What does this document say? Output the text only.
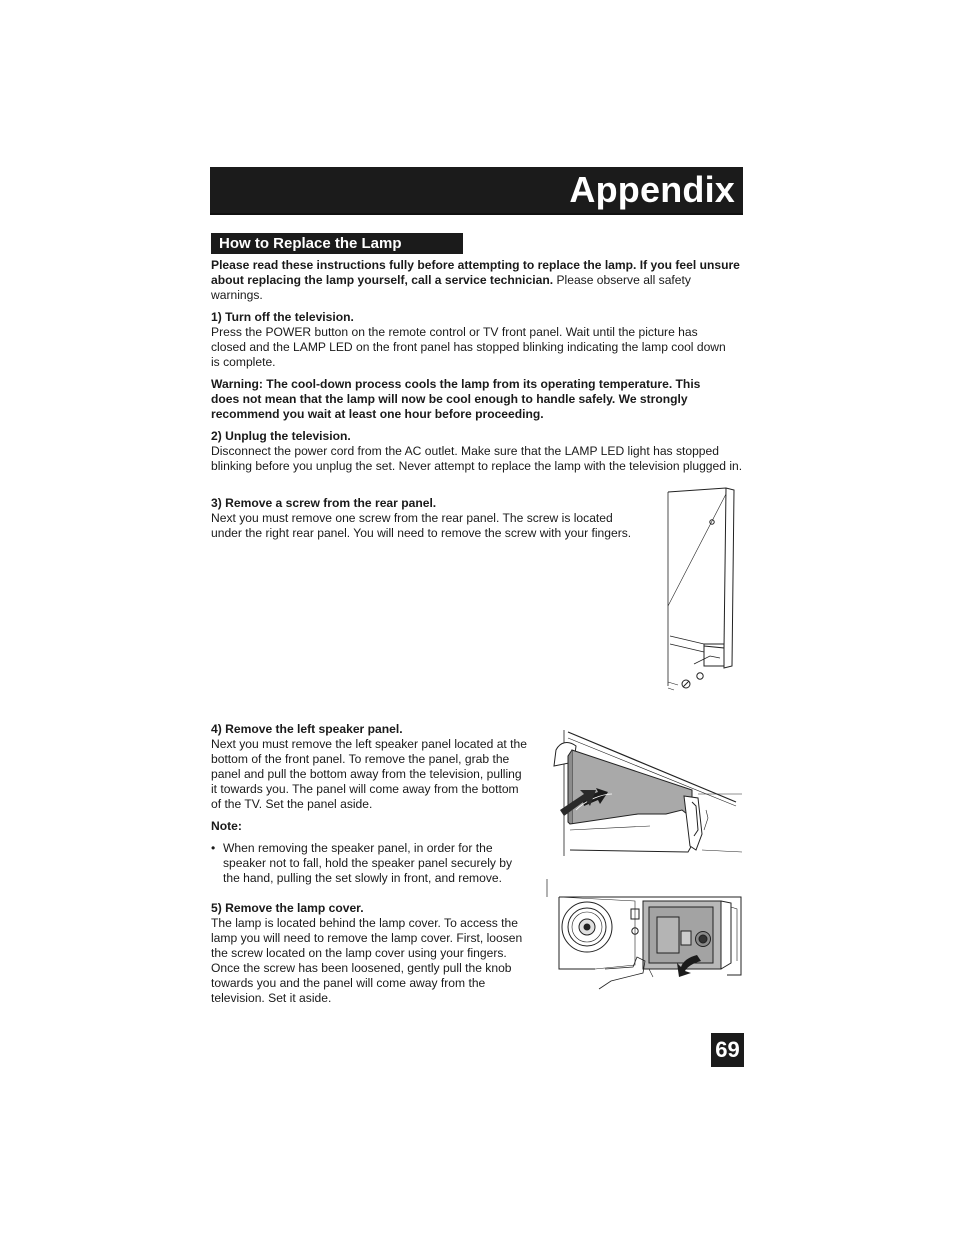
Appendix
How to Replace the Lamp
Please read these instructions fully before attempting to replace the lamp. If you feel unsure about replacing the lamp yourself, call a service technician. Please observe all safety warnings.
1) Turn off the television.
Press the POWER button on the remote control or TV front panel. Wait until the picture has closed and the LAMP LED on the front panel has stopped blinking indicating the lamp cool down is complete.
Warning: The cool-down process cools the lamp from its operating temperature. This does not mean that the lamp will now be cool enough to handle safely. We strongly recommend you wait at least one hour before proceeding.
2) Unplug the television.
Disconnect the power cord from the AC outlet. Make sure that the LAMP LED light has stopped blinking before you unplug the set. Never attempt to replace the lamp with the television plugged in.
3) Remove a screw from the rear panel.
Next you must remove one screw from the rear panel. The screw is located under the right rear panel. You will need to remove the screw with your fingers.
4) Remove the left speaker panel.
Next you must remove the left speaker panel located at the bottom of the front panel. To remove the panel, grab the panel and pull the bottom away from the television, pulling it towards you. The panel will come away from the bottom of the TV. Set the panel aside.
Note:
• When removing the speaker panel, in order for the speaker not to fall, hold the speaker panel securely by the hand, pulling the set slowly in front, and remove.
5) Remove the lamp cover.
The lamp is located behind the lamp cover. To access the lamp you will need to remove the lamp cover. First, loosen the screw located on the lamp cover using your fingers. Once the screw has been loosened, gently pull the knob towards you and the panel will come away from the television. Set it aside.
69
